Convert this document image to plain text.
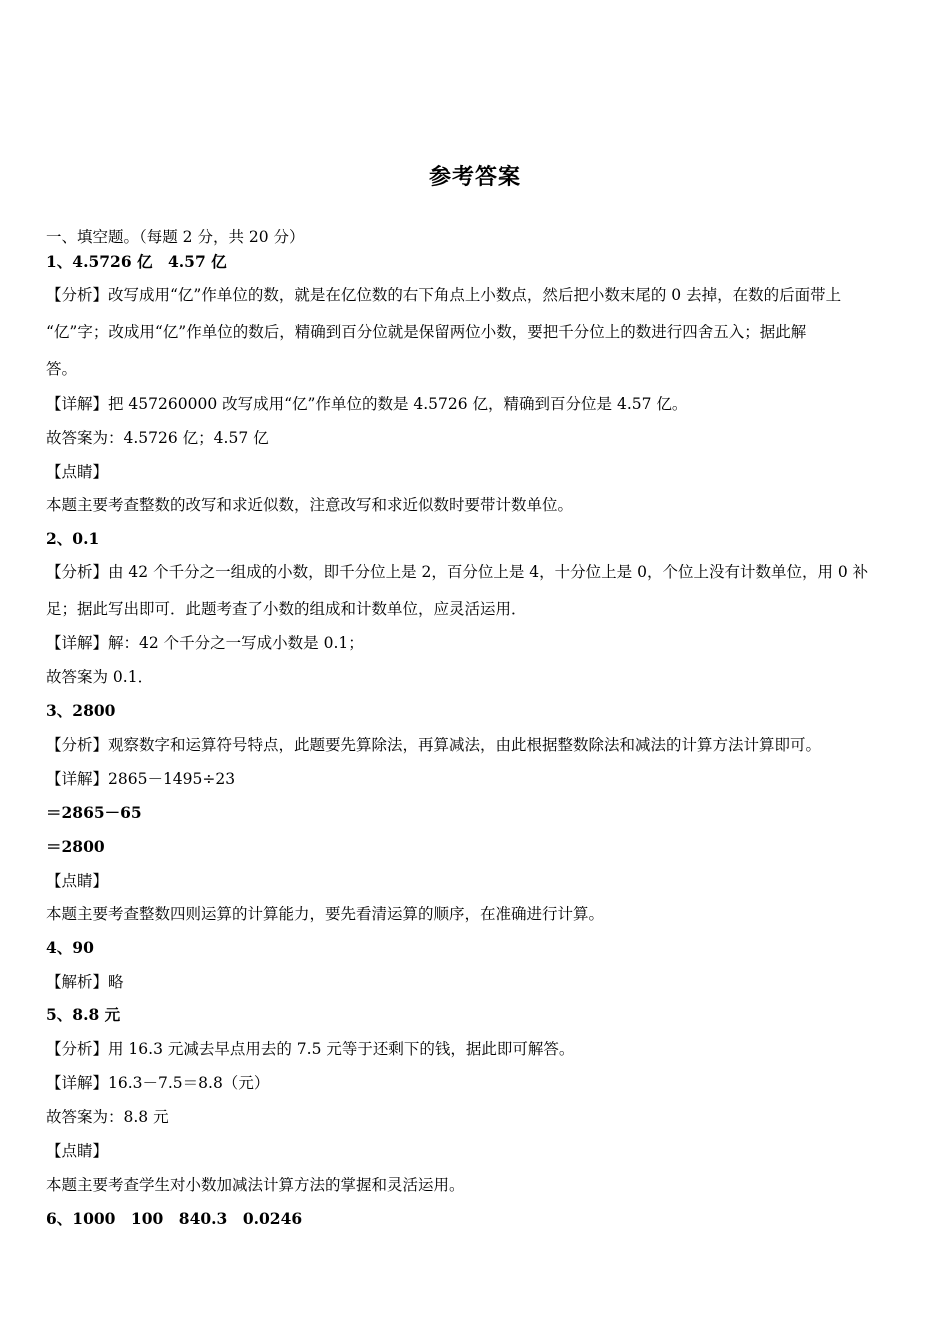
参考答案
一、填空题。（每题 2 分，共 20 分）
1、4.5726 亿　4.57 亿
【分析】改写成用“亿”作单位的数，就是在亿位数的右下角点上小数点，然后把小数末尾的 0 去掉，在数的后面带上
“亿”字；改成用“亿”作单位的数后，精确到百分位就是保留两位小数，要把千分位上的数进行四舍五入；据此解
答。
【详解】把 457260000 改写成用“亿”作单位的数是 4.5726 亿，精确到百分位是 4.57 亿。
故答案为：4.5726 亿；4.57 亿
【点睛】
本题主要考查整数的改写和求近似数，注意改写和求近似数时要带计数单位。
2、0.1
【分析】由 42 个千分之一组成的小数，即千分位上是 2，百分位上是 4，十分位上是 0，个位上没有计数单位，用 0 补
足；据此写出即可．此题考查了小数的组成和计数单位，应灵活运用．
【详解】解：42 个千分之一写成小数是 0.1；
故答案为 0.1．
3、2800
【分析】观察数字和运算符号特点，此题要先算除法，再算减法，由此根据整数除法和减法的计算方法计算即可。
【详解】2865－1495÷23
＝2865－65
＝2800
【点睛】
本题主要考查整数四则运算的计算能力，要先看清运算的顺序，在准确进行计算。
4、90
【解析】略
5、8.8 元
【分析】用 16.3 元减去早点用去的 7.5 元等于还剩下的钱，据此即可解答。
【详解】16.3－7.5＝8.8（元）
故答案为：8.8 元
【点睛】
本题主要考查学生对小数加减法计算方法的掌握和灵活运用。
6、1000　100　840.3　0.0246
